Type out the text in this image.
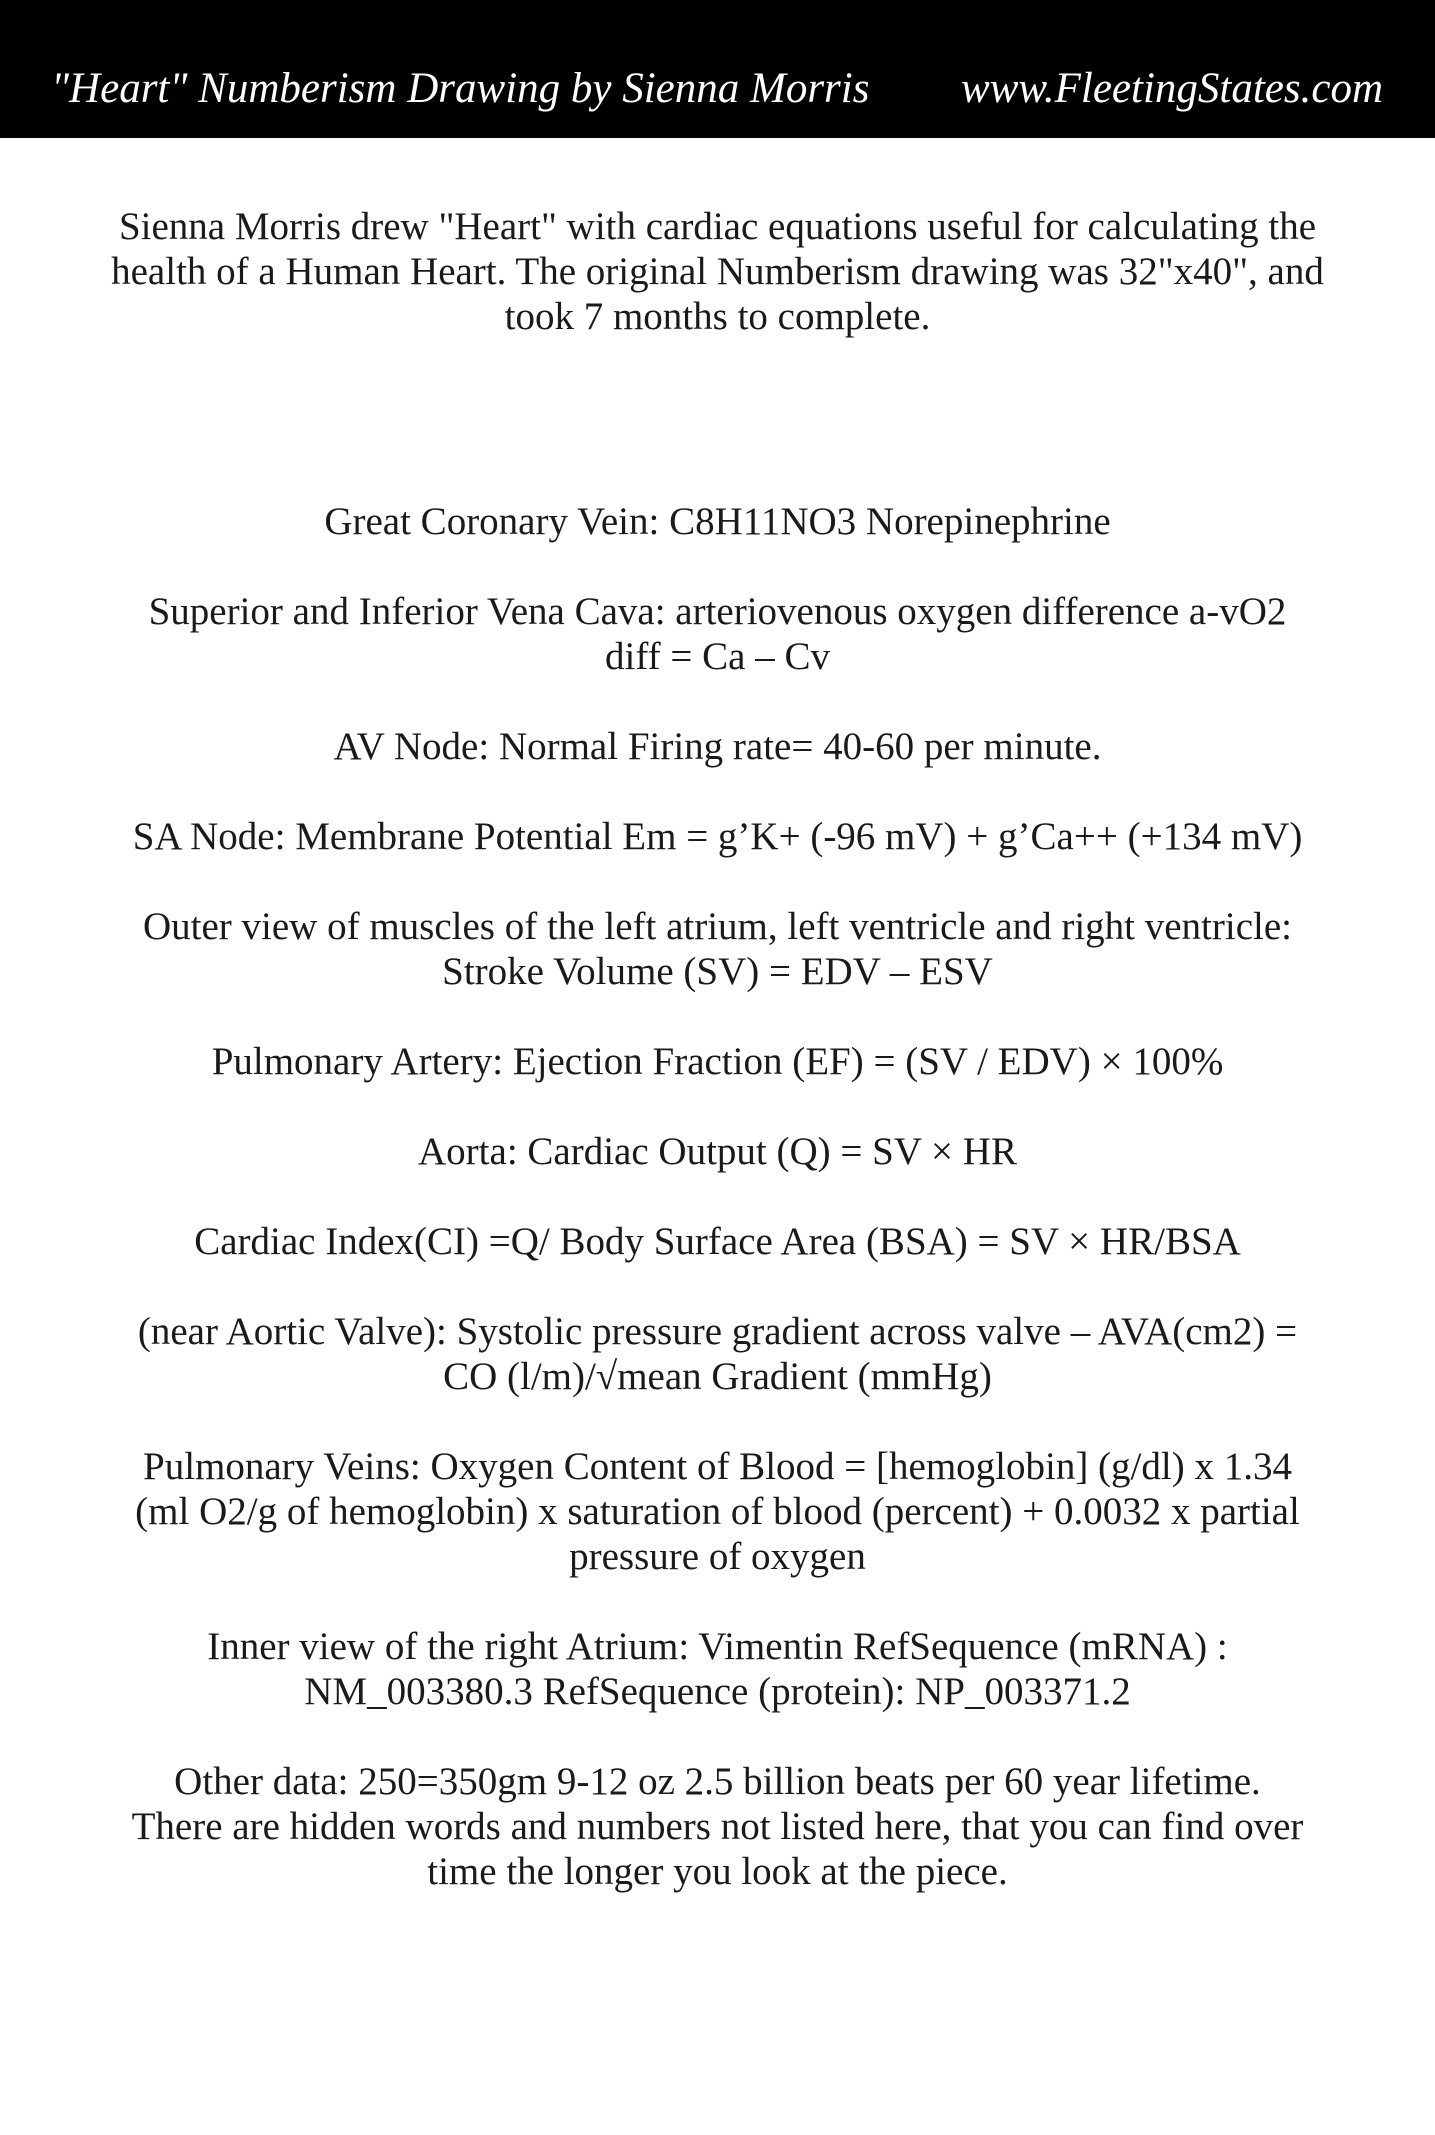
"Heart" Numberism Drawing by Sienna Morris www.FleetingStates.com

Sienna Morris drew "Heart" with cardiac equations useful for calculating the

health of a Human Heart. The original Numberism drawing was 32"x40", and

took 7 months to complete.

Great Coronary Vein: C8H11NO3 Norepinephrine

Superior and Inferior Vena Cava: arteriovenous oxygen difference a-vO2

diff = Ca – Cv

AV Node: Normal Firing rate= 40-60 per minute.

SA Node: Membrane Potential Em = g’K+ (-96 mV) + g’Ca++ (+134 mV)

Outer view of muscles of the left atrium, left ventricle and right ventricle:

Stroke Volume (SV) = EDV – ESV

Pulmonary Artery: Ejection Fraction (EF) = (SV / EDV) × 100%

Aorta: Cardiac Output (Q) = SV × HR

Cardiac Index(CI) =Q/ Body Surface Area (BSA) = SV × HR/BSA

(near Aortic Valve): Systolic pressure gradient across valve – AVA(cm2) =

CO (l/m)/√mean Gradient (mmHg)

Pulmonary Veins: Oxygen Content of Blood = [hemoglobin] (g/dl) x 1.34

(ml O2/g of hemoglobin) x saturation of blood (percent) + 0.0032 x partial

pressure of oxygen

Inner view of the right Atrium: Vimentin RefSequence (mRNA) :

NM_003380.3 RefSequence (protein): NP_003371.2

Other data: 250=350gm 9-12 oz 2.5 billion beats per 60 year lifetime.

There are hidden words and numbers not listed here, that you can find over

time the longer you look at the piece.
